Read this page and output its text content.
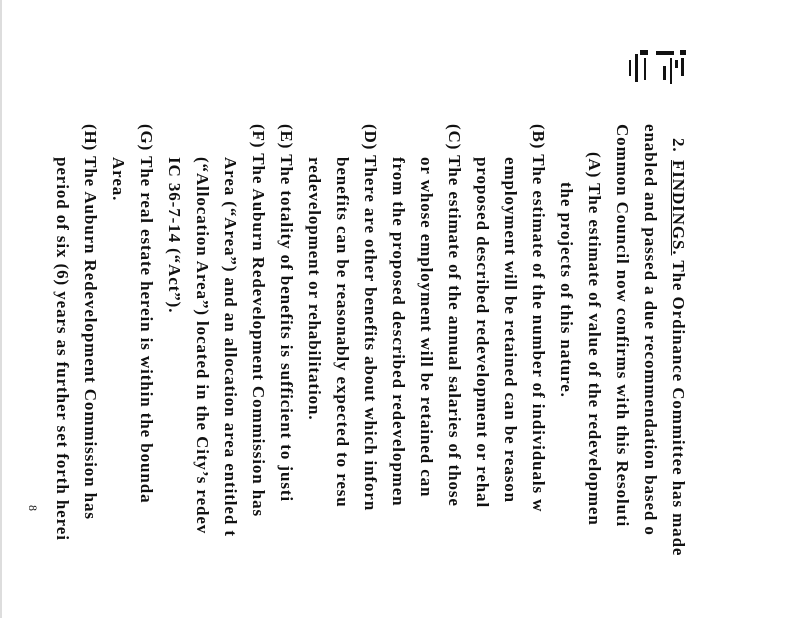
2.
FINDINGS. The Ordinance Committee has made
enabled and passed a due recommendation based o
Common Council now confirms with this Resoluti
(A) The estimate of value of the redevelopmen
the projects of this nature.
(B) The estimate of the number of individuals w
employment will be retained can be reason
proposed described redevelopment or rehal
(C) The estimate of the annual salaries of those
or whose employment will be retained can
from the proposed described redevelopmen
(D) There are other benefits about which inforn
benefits can be reasonably expected to resu
redevelopment or rehabilitation.
(E) The totality of benefits is sufficient to justi
(F) The Auburn Redevelopment Commission has
Area (“Area”) and an allocation area entitled t
(“Allocation Area”) located in the City’s redev
IC 36-7-14 (“Act”).
(G) The real estate herein is within the bounda
Area.
(H) The Auburn Redevelopment Commission has
period of six (6) years as further set forth herei
8
